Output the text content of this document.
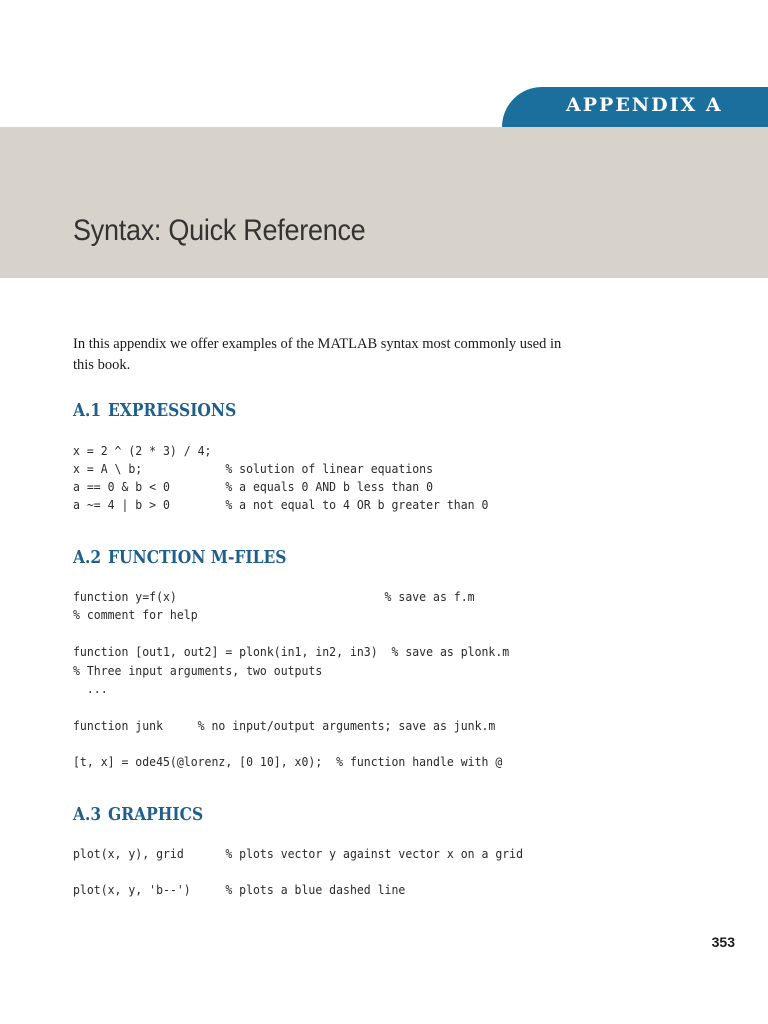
APPENDIX A
Syntax: Quick Reference
In this appendix we offer examples of the MATLAB syntax most commonly used in this book.
A.1 EXPRESSIONS
x = 2 ^ (2 * 3) / 4;
x = A \ b;            % solution of linear equations
a == 0 & b < 0        % a equals 0 AND b less than 0
a ~= 4 | b > 0        % a not equal to 4 OR b greater than 0
A.2 FUNCTION M-FILES
function y=f(x)                              % save as f.m
% comment for help
function [out1, out2] = plonk(in1, in2, in3)  % save as plonk.m
% Three input arguments, two outputs
...
function junk     % no input/output arguments; save as junk.m
[t, x] = ode45(@lorenz, [0 10], x0);  % function handle with @
A.3 GRAPHICS
plot(x, y), grid      % plots vector y against vector x on a grid
plot(x, y, 'b--')     % plots a blue dashed line
353
